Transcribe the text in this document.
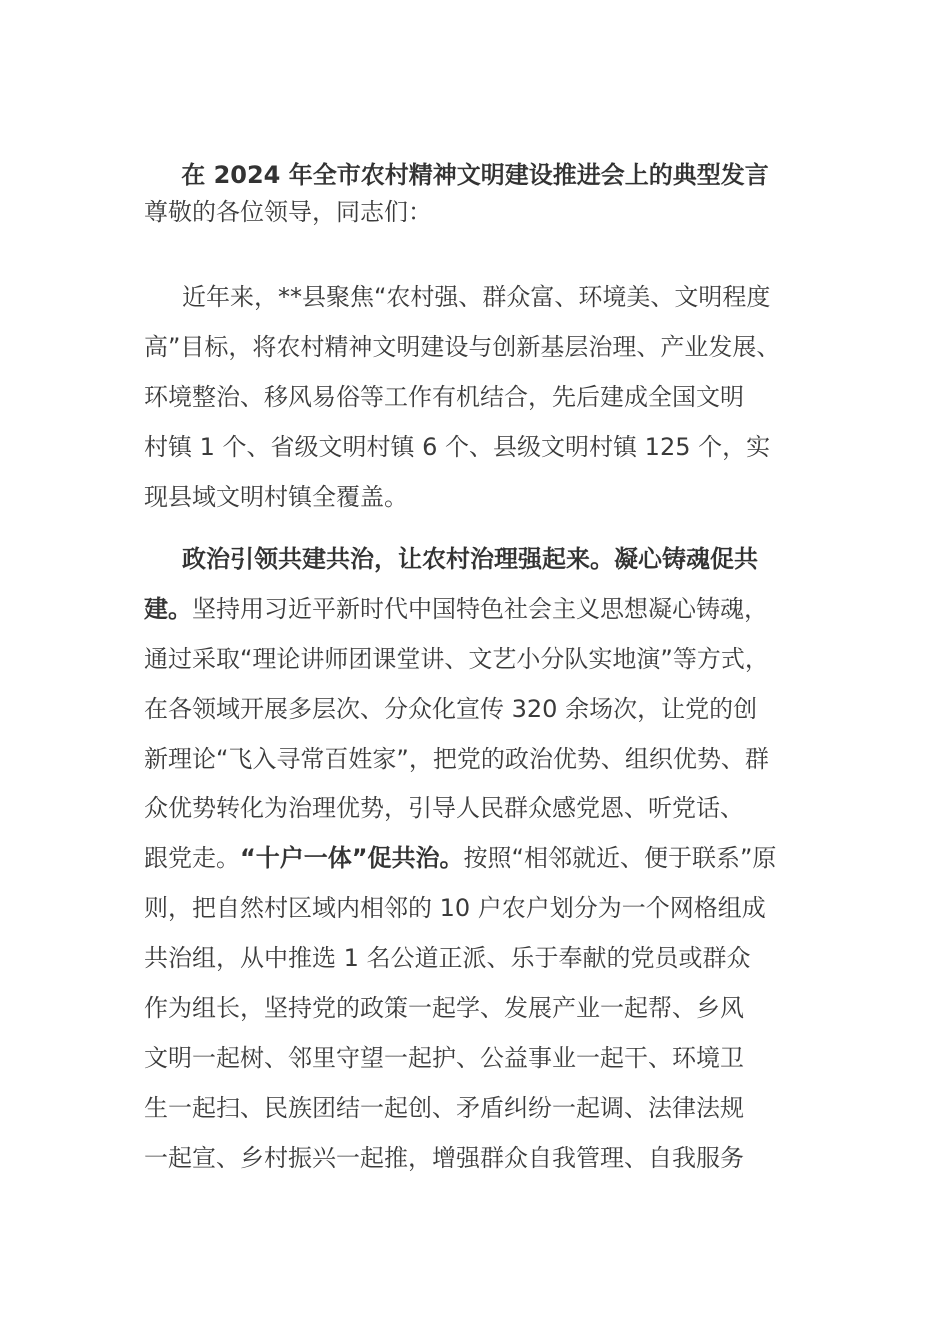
在 2024 年全市农村精神文明建设推进会上的典型发言
尊敬的各位领导，同志们：
近年来，**县聚焦“农村强、群众富、环境美、文明程度
高”目标，将农村精神文明建设与创新基层治理、产业发展、
环境整治、移风易俗等工作有机结合，先后建成全国文明
村镇 1 个、省级文明村镇 6 个、县级文明村镇 125 个，实
现县域文明村镇全覆盖。
政治引领共建共治，让农村治理强起来。凝心铸魂促共
建。坚持用习近平新时代中国特色社会主义思想凝心铸魂，
通过采取“理论讲师团课堂讲、文艺小分队实地演”等方式，
在各领域开展多层次、分众化宣传 320 余场次，让党的创
新理论“飞入寻常百姓家”，把党的政治优势、组织优势、群
众优势转化为治理优势，引导人民群众感党恩、听党话、
跟党走。“十户一体”促共治。按照“相邻就近、便于联系”原
则，把自然村区域内相邻的 10 户农户划分为一个网格组成
共治组，从中推选 1 名公道正派、乐于奉献的党员或群众
作为组长，坚持党的政策一起学、发展产业一起帮、乡风
文明一起树、邻里守望一起护、公益事业一起干、环境卫
生一起扫、民族团结一起创、矛盾纠纷一起调、法律法规
一起宣、乡村振兴一起推，增强群众自我管理、自我服务
